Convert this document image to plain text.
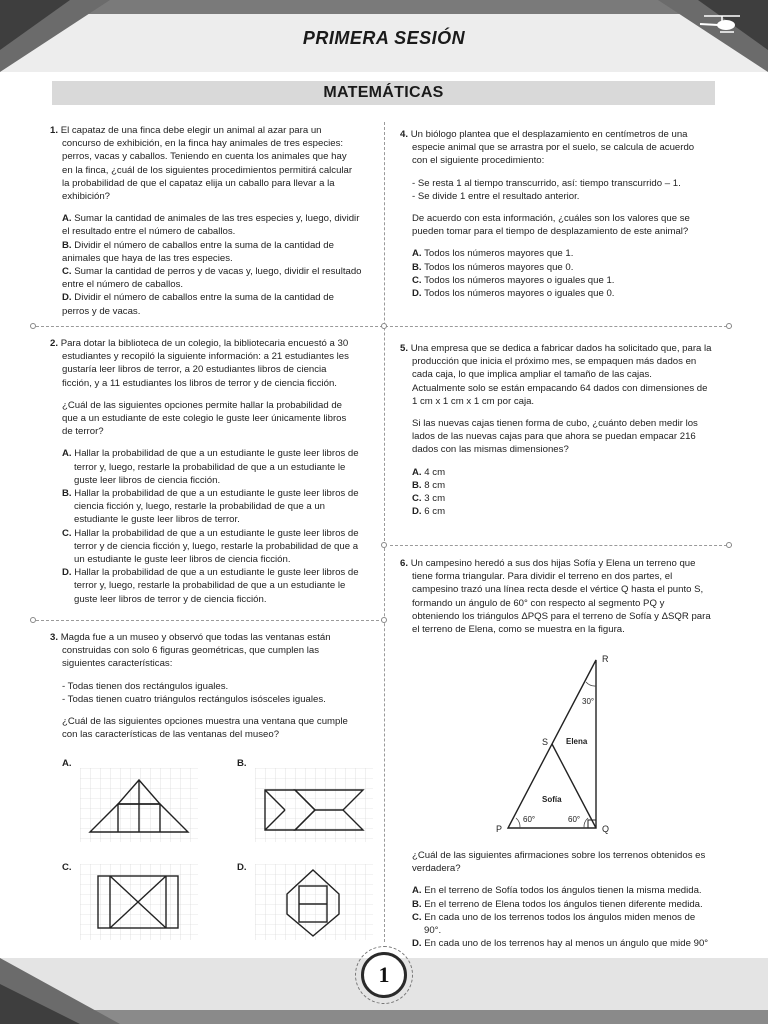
PRIMERA SESIÓN
MATEMÁTICAS

1. El capataz de una finca debe elegir un animal al azar para un

concurso de exhibición, en la finca hay animales de tres especies:

perros, vacas y caballos. Teniendo en cuenta los animales que hay

en la finca, ¿cuál de los siguientes procedimientos permitirá calcular

la probabilidad de que el capataz elija un caballo para llevar a la

exhibición?

A. Sumar la cantidad de animales de las tres especies y, luego, dividir

el resultado entre el número de caballos.

B. Dividir el número de caballos entre la suma de la cantidad de

animales que haya de las tres especies.

C. Sumar la cantidad de perros y de vacas y, luego, dividir el resultado

entre el número de caballos.

D. Dividir el número de caballos entre la suma de la cantidad de

perros y de vacas.

2. Para dotar la biblioteca de un colegio, la bibliotecaria encuestó a 30

estudiantes y recopiló la siguiente información: a 21 estudiantes les

gustaría leer libros de terror, a 20 estudiantes libros de ciencia

ficción, y a 11 estudiantes los libros de terror y de ciencia ficción.

¿Cuál de las siguientes opciones permite hallar la probabilidad de

que a un estudiante de este colegio le guste leer únicamente libros

de terror?

A. Hallar la probabilidad de que a un estudiante le guste leer libros de

terror y, luego, restarle la probabilidad de que a un estudiante le

guste leer libros de ciencia ficción.

B. Hallar la probabilidad de que a un estudiante le guste leer libros de

ciencia ficción y, luego, restarle la probabilidad de que a un

estudiante le guste leer libros de terror.

C. Hallar la probabilidad de que a un estudiante le guste leer libros de

terror y de ciencia ficción y, luego, restarle la probabilidad de que a

un estudiante le guste leer libros de ciencia ficción.

D. Hallar la probabilidad de que a un estudiante le guste leer libros de

terror y, luego, restarle la probabilidad de que a un estudiante le

guste leer libros de terror y de ciencia ficción.

3. Magda fue a un museo y observó que todas las ventanas están

construidas con solo 6 figuras geométricas, que cumplen las

siguientes características:

- Todas tienen dos rectángulos iguales.

- Todas tienen cuatro triángulos rectángulos isósceles iguales.

¿Cuál de las siguientes opciones muestra una ventana que cumple

con las características de las ventanas del museo?

A.	B.
C.	D.

4. Un biólogo plantea que el desplazamiento en centímetros de una

especie animal que se arrastra por el suelo, se calcula de acuerdo

con el siguiente procedimiento:

- Se resta 1 al tiempo transcurrido, así: tiempo transcurrido – 1.

- Se divide 1 entre el resultado anterior.

De acuerdo con esta información, ¿cuáles son los valores que se

pueden tomar para el tiempo de desplazamiento de este animal?

A. Todos los números mayores que 1.

B. Todos los números mayores que 0.

C. Todos los números mayores o iguales que 1.

D. Todos los números mayores o iguales que 0.

5. Una empresa que se dedica a fabricar dados ha solicitado que, para la

producción que inicia el próximo mes, se empaquen más dados en

cada caja, lo que implica ampliar el tamaño de las cajas.

Actualmente solo se están empacando 64 dados con dimensiones de

1 cm x 1 cm x 1 cm por caja.

Si las nuevas cajas tienen forma de cubo, ¿cuánto deben medir los

lados de las nuevas cajas para que ahora se puedan empacar 216

dados con las mismas dimensiones?

A. 4 cm

B. 8 cm

C. 3 cm

D. 6 cm

6. Un campesino heredó a sus dos hijas Sofía y Elena un terreno que

tiene forma triangular. Para dividir el terreno en dos partes, el

campesino trazó una línea recta desde el vértice Q hasta el punto S,

formando un ángulo de 60° con respecto al segmento PQ y

obteniendo los triángulos ΔPQS para el terreno de Sofía y ΔSQR para

el terreno de Elena, como se muestra en la figura.

R
S
P	Q
30°
60°	60°
Elena
Sofía

¿Cuál de las siguientes afirmaciones sobre los terrenos obtenidos es

verdadera?

A. En el terreno de Sofía todos los ángulos tienen la misma medida.

B. En el terreno de Elena todos los ángulos tienen diferente medida.

C. En cada uno de los terrenos todos los ángulos miden menos de

90°.

D. En cada uno de los terrenos hay al menos un ángulo que mide 90°

1
